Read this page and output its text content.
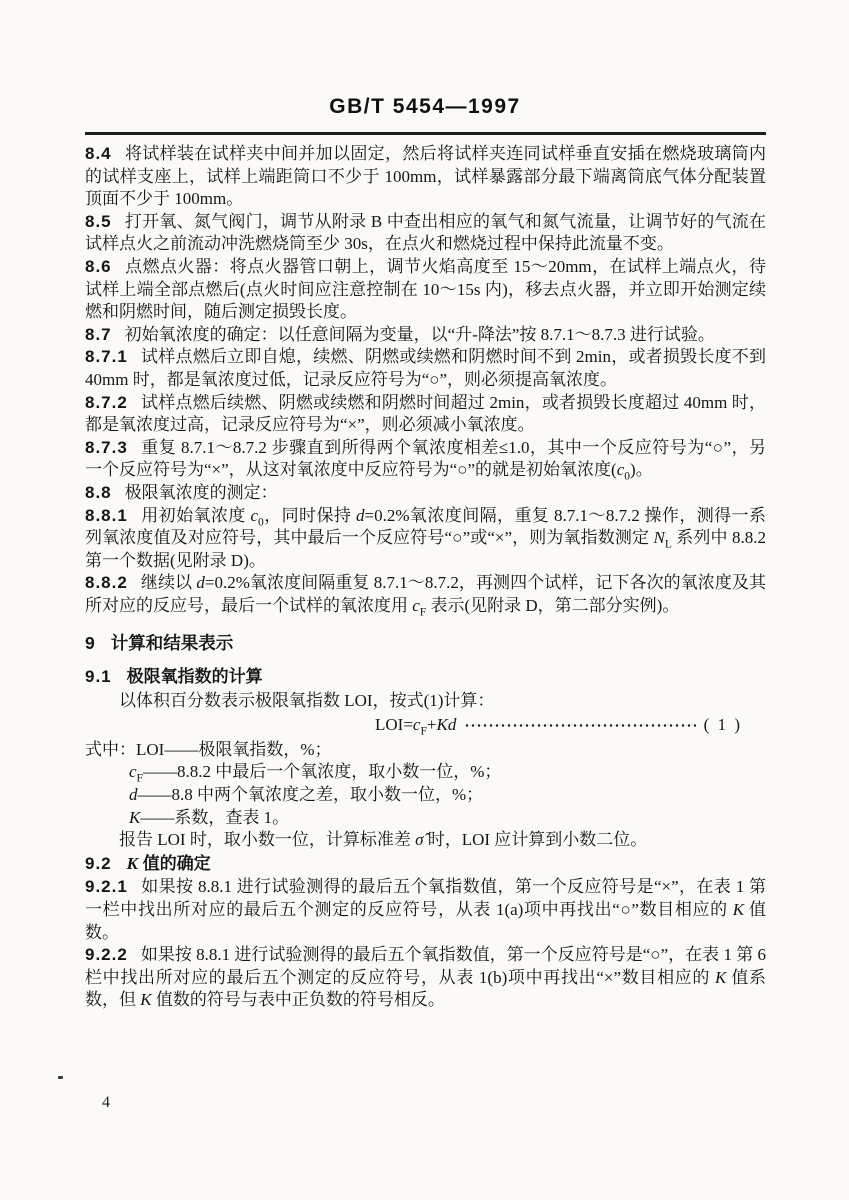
GB/T 5454—1997

8.4 将试样装在试样夹中间并加以固定，然后将试样夹连同试样垂直安插在燃烧玻璃筒内的试样支座上，试样上端距筒口不少于 100mm，试样暴露部分最下端离筒底气体分配装置顶面不少于 100mm。

8.5 打开氧、氮气阀门，调节从附录 B 中查出相应的氧气和氮气流量，让调节好的气流在试样点火之前流动冲洗燃烧筒至少 30s，在点火和燃烧过程中保持此流量不变。

8.6 点燃点火器：将点火器管口朝上，调节火焰高度至 15～20mm，在试样上端点火，待试样上端全部点燃后(点火时间应注意控制在 10～15s 内)，移去点火器，并立即开始测定续燃和阴燃时间，随后测定损毁长度。

8.7 初始氧浓度的确定：以任意间隔为变量，以“升-降法”按 8.7.1～8.7.3 进行试验。

8.7.1 试样点燃后立即自熄，续燃、阴燃或续燃和阴燃时间不到 2min，或者损毁长度不到 40mm 时，都是氧浓度过低，记录反应符号为“○”，则必须提高氧浓度。

8.7.2 试样点燃后续燃、阴燃或续燃和阴燃时间超过 2min，或者损毁长度超过 40mm 时，都是氧浓度过高，记录反应符号为“×”，则必须减小氧浓度。

8.7.3 重复 8.7.1～8.7.2 步骤直到所得两个氧浓度相差≤1.0，其中一个反应符号为“○”，另一个反应符号为“×”，从这对氧浓度中反应符号为“○”的就是初始氧浓度$(c_0)$。

8.8 极限氧浓度的测定：

8.8.1 用初始氧浓度 $c_0$，同时保持 d=0.2%氧浓度间隔，重复 8.7.1～8.7.2 操作，测得一系列氧浓度值及对应符号，其中最后一个反应符号“○”或“×”，则为氧指数测定 $N_L$ 系列中 8.8.2 第一个数据(见附录 D)。

8.8.2 继续以 d=0.2%氧浓度间隔重复 8.7.1～8.7.2，再测四个试样，记下各次的氧浓度及其所对应的反应号，最后一个试样的氧浓度用 $c_F$ 表示(见附录 D，第二部分实例)。

9 计算和结果表示

9.1 极限氧指数的计算

以体积百分数表示极限氧指数 LOI，按式(1)计算：

$LOI=c_F+Kd$	( 1 )

式中：LOI——极限氧指数，%；

$c_F——8.8.2$ 中最后一个氧浓度，取小数一位，%；

d——8.8 中两个氧浓度之差，取小数一位，%；

K——系数，查表 1。

报告 LOI 时，取小数一位，计算标准差 σ̂ 时，LOI 应计算到小数二位。

9.2 K 值的确定

9.2.1 如果按 8.8.1 进行试验测得的最后五个氧指数值，第一个反应符号是“×”，在表 1 第一栏中找出所对应的最后五个测定的反应符号，从表 1(a)项中再找出“○”数目相应的 K 值数。

9.2.2 如果按 8.8.1 进行试验测得的最后五个氧指数值，第一个反应符号是“○”，在表 1 第 6 栏中找出所对应的最后五个测定的反应符号，从表 1(b)项中再找出“×”数目相应的 K 值系数，但 K 值数的符号与表中正负数的符号相反。

4
